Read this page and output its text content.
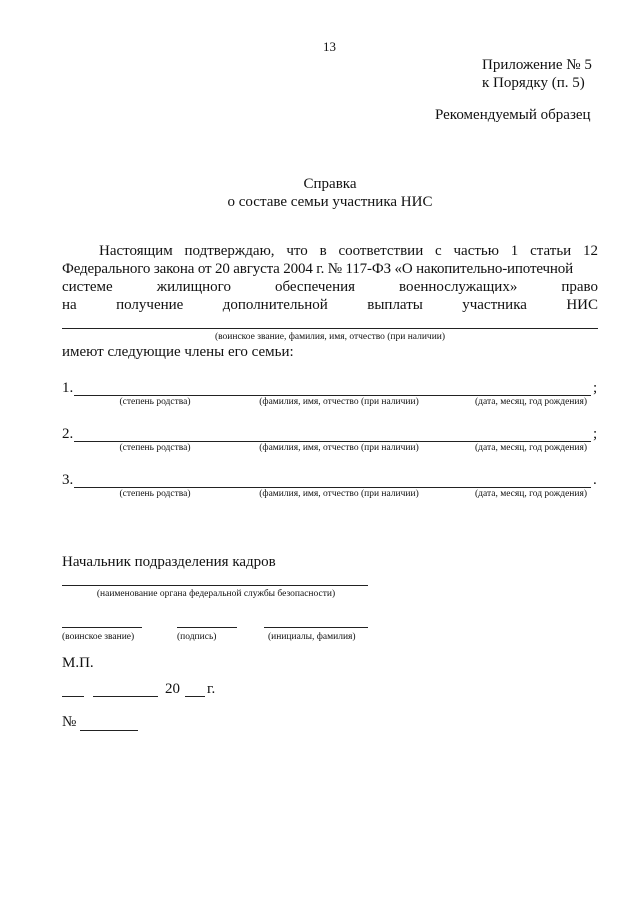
13
Приложение № 5
к Порядку (п. 5)
Рекомендуемый образец
Справка
о составе семьи участника НИС
Настоящим подтверждаю, что в соответствии с частью 1 статьи 12
Федерального закона от 20 августа 2004 г. № 117-ФЗ «О накопительно-ипотечной
системе	жилищного	обеспечения	военнослужащих»	право
на	получение	дополнительной	выплаты	участника	НИС
(воинское звание, фамилия, имя, отчество (при наличии)
имеют следующие члены его семьи:
1.	;
(степень родства)	(фамилия, имя, отчество (при наличии)	(дата, месяц, год рождения)
2.	;
(степень родства)	(фамилия, имя, отчество (при наличии)	(дата, месяц, год рождения)
3.	.
(степень родства)	(фамилия, имя, отчество (при наличии)	(дата, месяц, год рождения)
Начальник подразделения кадров
(наименование органа федеральной службы безопасности)
(воинское звание)	(подпись)	(инициалы, фамилия)
М.П.
20 г.
№
